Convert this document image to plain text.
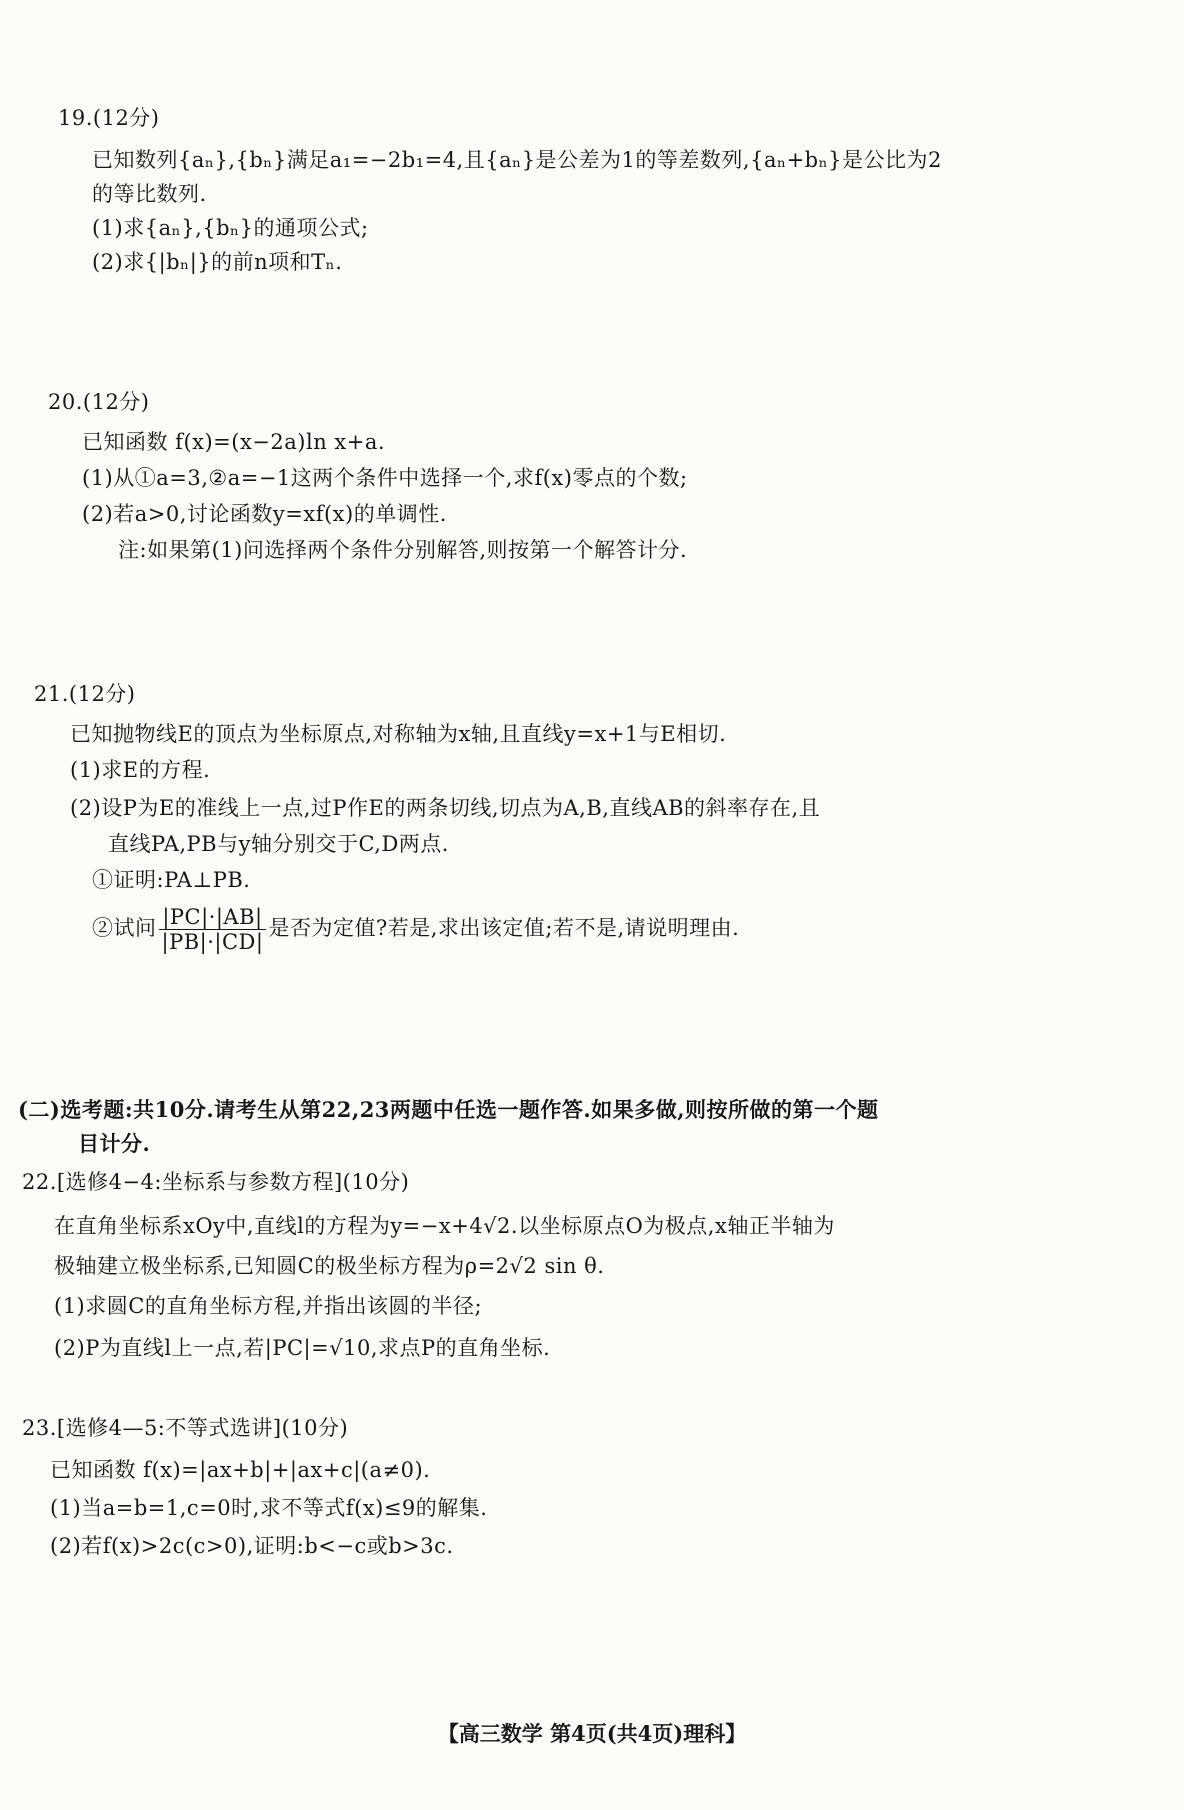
19.(12分)
已知数列{aₙ},{bₙ}满足a₁=−2b₁=4,且{aₙ}是公差为1的等差数列,{aₙ+bₙ}是公比为2
的等比数列.
(1)求{aₙ},{bₙ}的通项公式;
(2)求{|bₙ|}的前n项和Tₙ.
20.(12分)
已知函数 f(x)=(x−2a)ln x+a.
(1)从①a=3,②a=−1这两个条件中选择一个,求f(x)零点的个数;
(2)若a>0,讨论函数y=xf(x)的单调性.
注:如果第(1)问选择两个条件分别解答,则按第一个解答计分.
21.(12分)
已知抛物线E的顶点为坐标原点,对称轴为x轴,且直线y=x+1与E相切.
(1)求E的方程.
(2)设P为E的准线上一点,过P作E的两条切线,切点为A,B,直线AB的斜率存在,且
直线PA,PB与y轴分别交于C,D两点.
①证明:PA⊥PB.
②试问 $\frac{|PC|\cdot|AB|}{|PB|\cdot|CD|}$ 是否为定值?若是,求出该定值;若不是,请说明理由.
(二)选考题:共10分.请考生从第22,23两题中任选一题作答.如果多做,则按所做的第一个题
目计分.
22.[选修4−4:坐标系与参数方程](10分)
在直角坐标系xOy中,直线l的方程为y=−x+4√2.以坐标原点O为极点,x轴正半轴为
极轴建立极坐标系,已知圆C的极坐标方程为ρ=2√2 sin θ.
(1)求圆C的直角坐标方程,并指出该圆的半径;
(2)P为直线l上一点,若|PC|=√10,求点P的直角坐标.
23.[选修4—5:不等式选讲](10分)
已知函数 f(x)=|ax+b|+|ax+c|(a≠0).
(1)当a=b=1,c=0时,求不等式f(x)≤9的解集.
(2)若f(x)>2c(c>0),证明:b<−c或b>3c.
【高三数学 第4页(共4页)理科】
